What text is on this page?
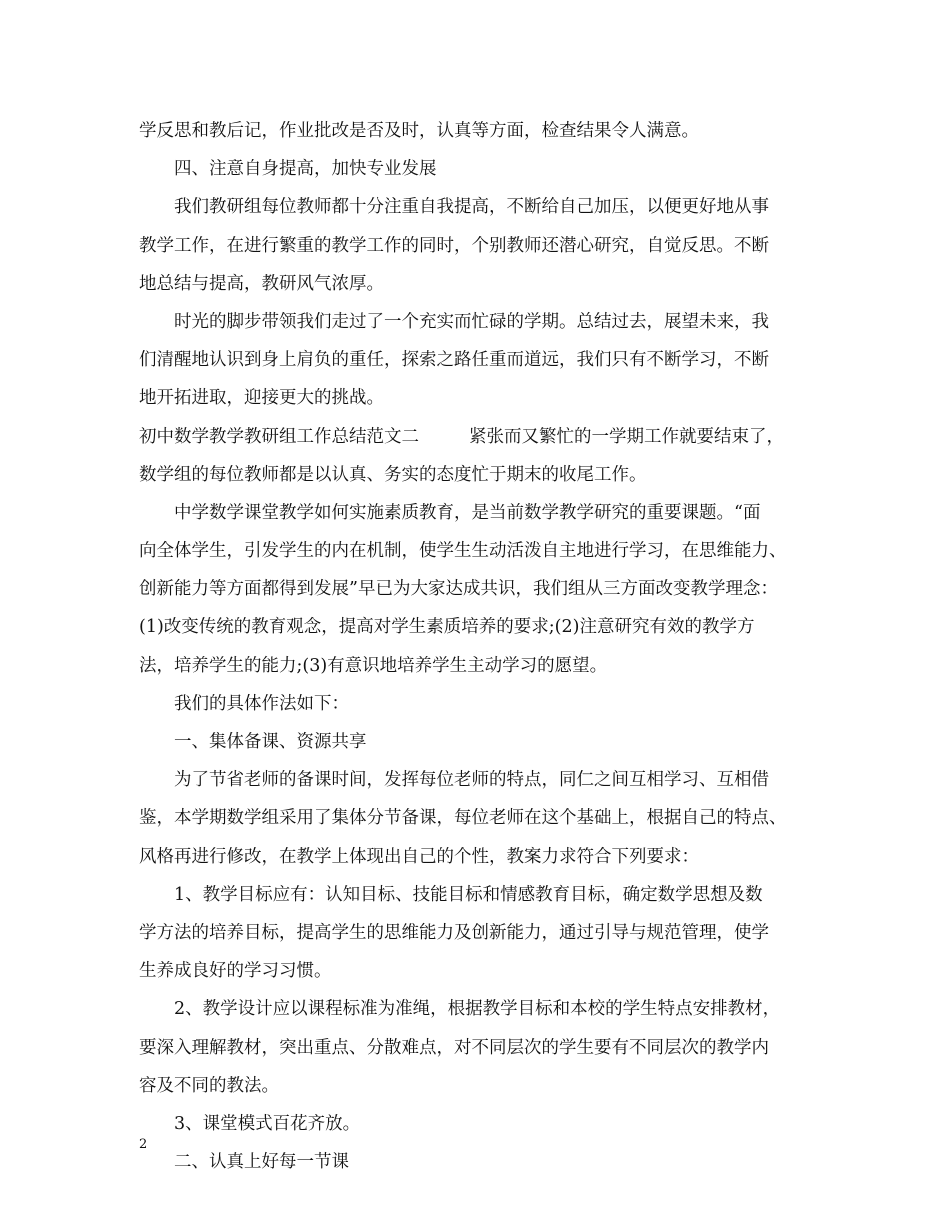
学反思和教后记，作业批改是否及时，认真等方面，检查结果令人满意。
四、注意自身提高，加快专业发展
我们教研组每位教师都十分注重自我提高，不断给自己加压，以便更好地从事
教学工作，在进行繁重的教学工作的同时，个别教师还潜心研究，自觉反思。不断
地总结与提高，教研风气浓厚。
时光的脚步带领我们走过了一个充实而忙碌的学期。总结过去，展望未来，我
们清醒地认识到身上肩负的重任，探索之路任重而道远，我们只有不断学习，不断
地开拓进取，迎接更大的挑战。
初中数学教学教研组工作总结范文二	紧张而又繁忙的一学期工作就要结束了，
数学组的每位教师都是以认真、务实的态度忙于期末的收尾工作。
中学数学课堂教学如何实施素质教育，是当前数学教学研究的重要课题。“面
向全体学生，引发学生的内在机制，使学生生动活泼自主地进行学习，在思维能力、
创新能力等方面都得到发展”早已为大家达成共识，我们组从三方面改变教学理念：
(1)改变传统的教育观念，提高对学生素质培养的要求;(2)注意研究有效的教学方
法，培养学生的能力;(3)有意识地培养学生主动学习的愿望。
我们的具体作法如下：
一、集体备课、资源共享
为了节省老师的备课时间，发挥每位老师的特点，同仁之间互相学习、互相借
鉴，本学期数学组采用了集体分节备课，每位老师在这个基础上，根据自己的特点、
风格再进行修改，在教学上体现出自己的个性，教案力求符合下列要求：
1、教学目标应有：认知目标、技能目标和情感教育目标，确定数学思想及数
学方法的培养目标，提高学生的思维能力及创新能力，通过引导与规范管理，使学
生养成良好的学习习惯。
2、教学设计应以课程标准为准绳，根据教学目标和本校的学生特点安排教材，
要深入理解教材，突出重点、分散难点，对不同层次的学生要有不同层次的教学内
容及不同的教法。
3、课堂模式百花齐放。
二、认真上好每一节课
2
